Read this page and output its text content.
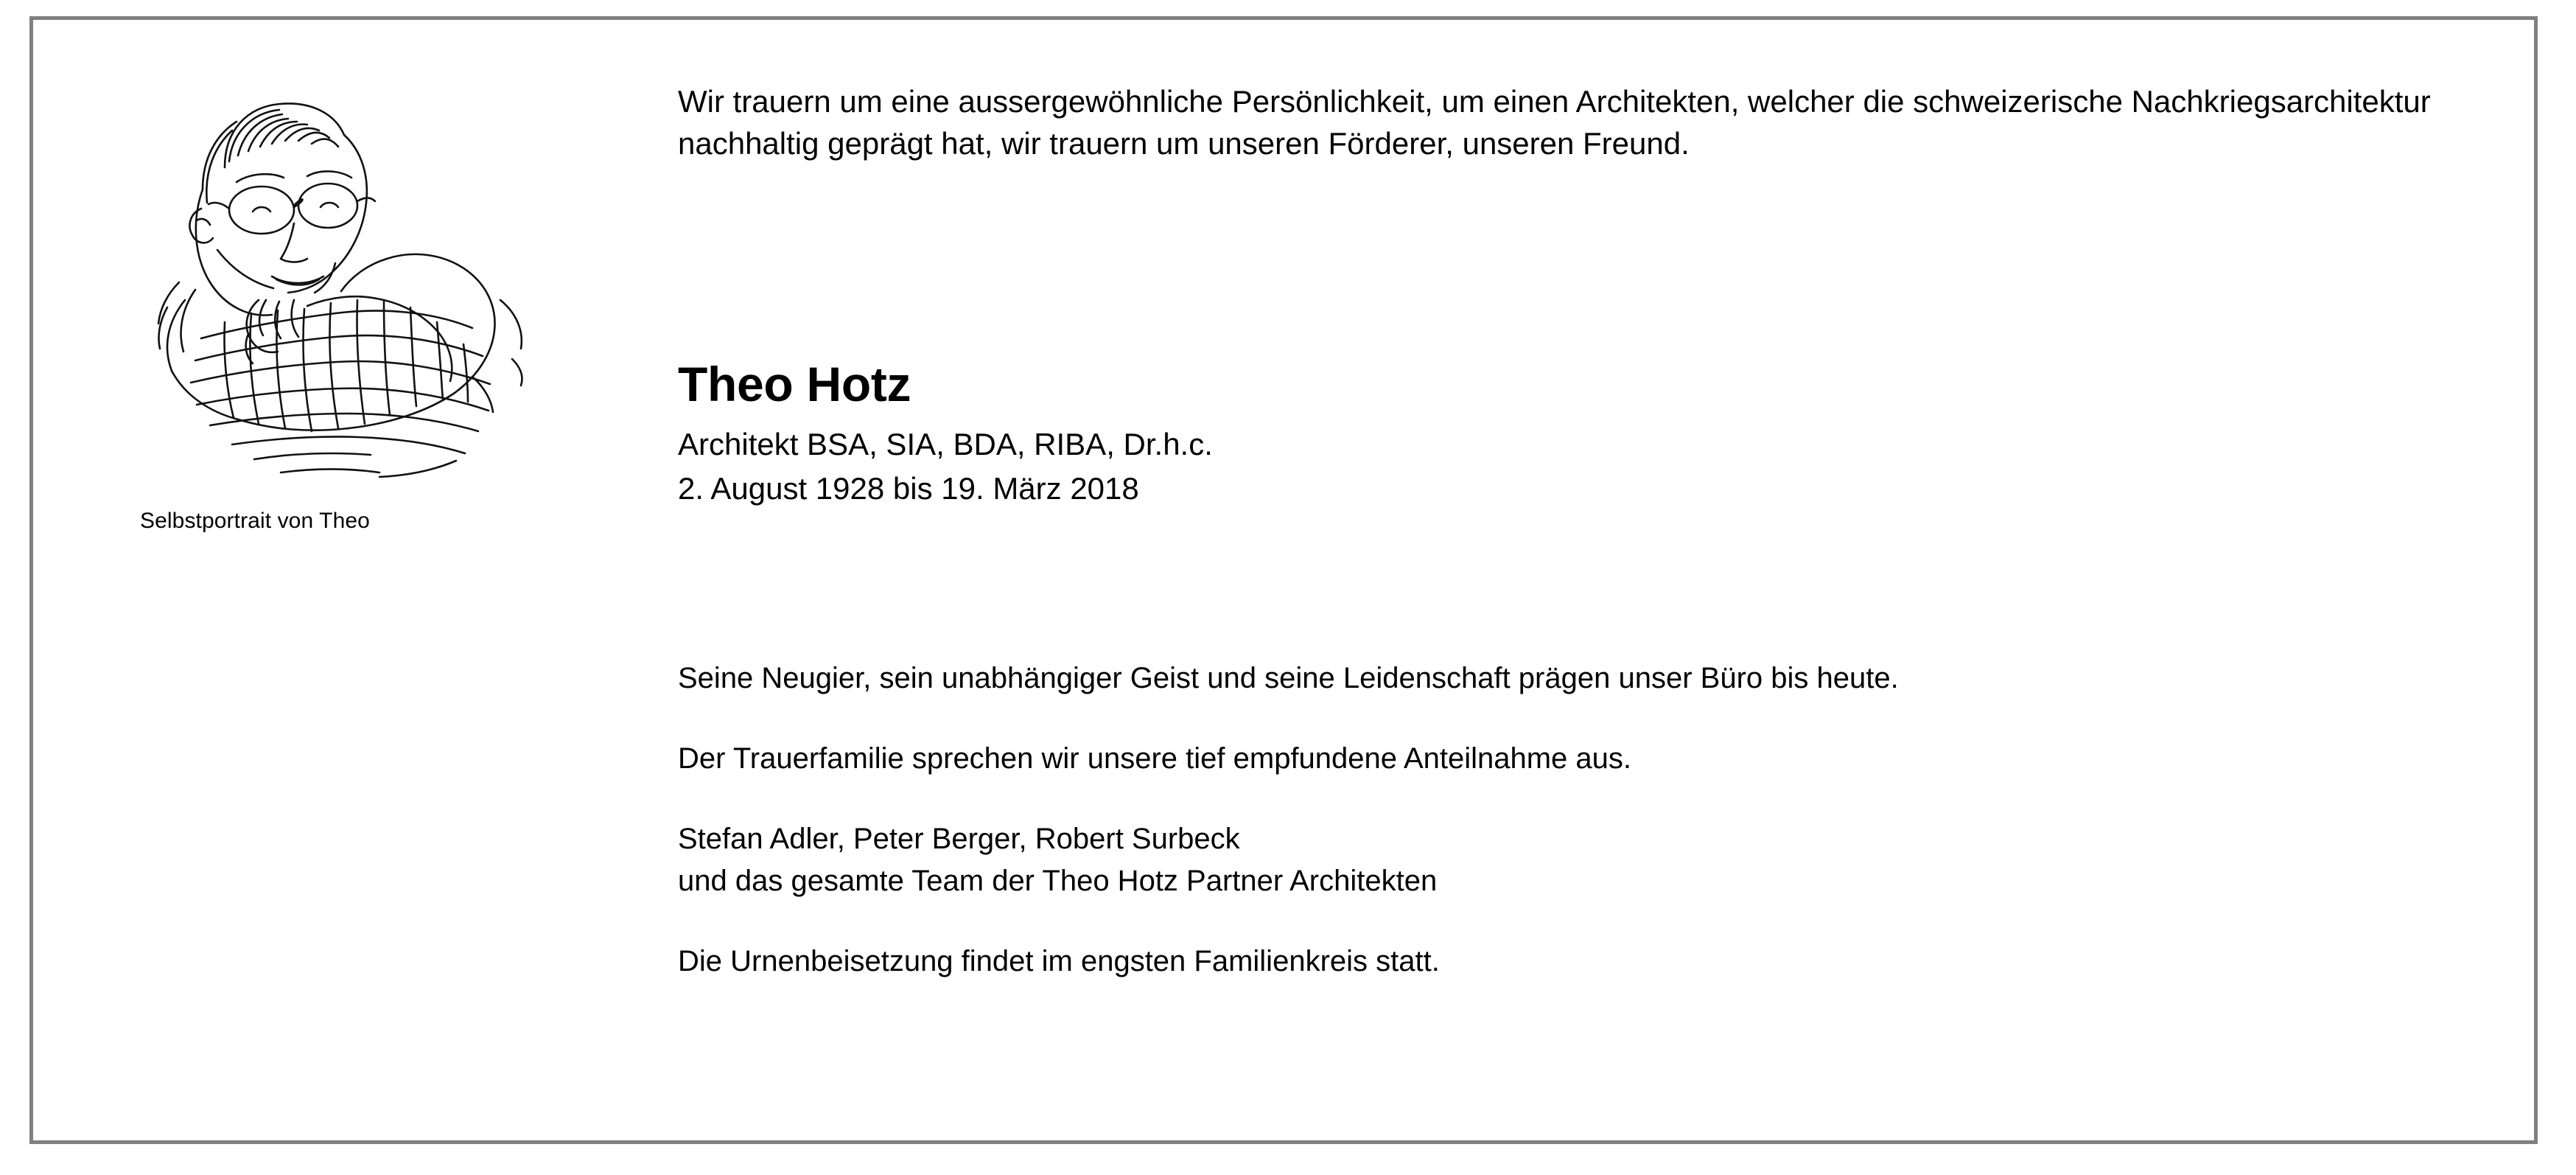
Selbstportrait von Theo
Wir trauern um eine aussergewöhnliche Persönlichkeit, um einen Architekten, welcher die schweizerische Nachkriegsarchitektur nachhaltig geprägt hat, wir trauern um unseren Förderer, unseren Freund.
Theo Hotz

Architekt BSA, SIA, BDA, RIBA, Dr.h.c.

2. August 1928 bis 19. März 2018

Seine Neugier, sein unabhängiger Geist und seine Leidenschaft prägen unser Büro bis heute.

Der Trauerfamilie sprechen wir unsere tief empfundene Anteilnahme aus.

Stefan Adler, Peter Berger, Robert Surbeck
und das gesamte Team der Theo Hotz Partner Architekten

Die Urnenbeisetzung findet im engsten Familienkreis statt.
